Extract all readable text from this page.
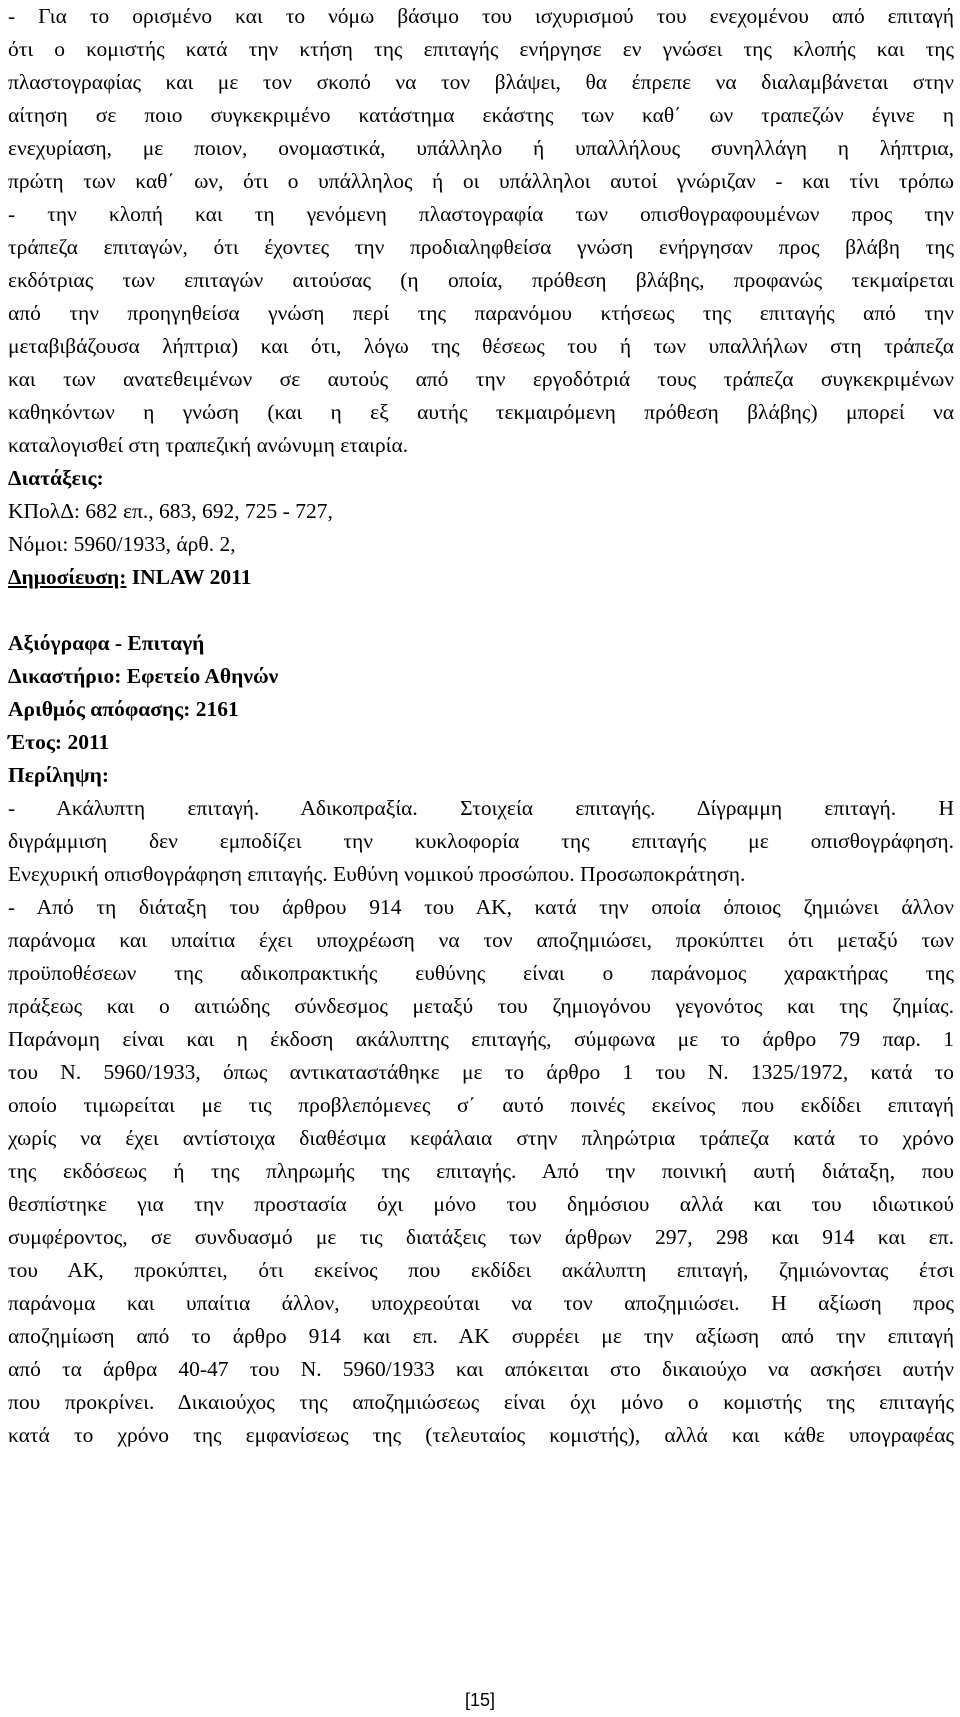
- Για το ορισμένο και το νόμω βάσιμο του ισχυρισμού του ενεχομένου από επιταγή
ότι ο κομιστής κατά την κτήση της επιταγής ενήργησε εν γνώσει της κλοπής και της
πλαστογραφίας και με τον σκοπό να τον βλάψει, θα έπρεπε να διαλαμβάνεται στην
αίτηση σε ποιο συγκεκριμένο κατάστημα εκάστης των καθ΄ ων τραπεζών έγινε η
ενεχυρίαση, με ποιον, ονομαστικά, υπάλληλο ή υπαλλήλους συνηλλάγη η λήπτρια,
πρώτη των καθ΄ ων, ότι ο υπάλληλος ή οι υπάλληλοι αυτοί γνώριζαν - και τίνι τρόπω
- την κλοπή και τη γενόμενη πλαστογραφία των οπισθογραφουμένων προς την
τράπεζα επιταγών, ότι έχοντες την προδιαληφθείσα γνώση ενήργησαν προς βλάβη της
εκδότριας των επιταγών αιτούσας (η οποία, πρόθεση βλάβης, προφανώς τεκμαίρεται
από την προηγηθείσα γνώση περί της παρανόμου κτήσεως της επιταγής από την
μεταβιβάζουσα λήπτρια) και ότι, λόγω της θέσεως του ή των υπαλλήλων στη τράπεζα
και των ανατεθειμένων σε αυτούς από την εργοδότριά τους τράπεζα συγκεκριμένων
καθηκόντων η γνώση (και η εξ αυτής τεκμαιρόμενη πρόθεση βλάβης) μπορεί να
καταλογισθεί στη τραπεζική ανώνυμη εταιρία.
Διατάξεις:
ΚΠολΔ: 682 επ., 683, 692, 725 - 727,
Νόμοι: 5960/1933, άρθ. 2,
Δημοσίευση: INLAW 2011
Αξιόγραφα - Επιταγή
Δικαστήριο: Εφετείο Αθηνών
Αριθμός απόφασης: 2161
Έτος: 2011
Περίληψη:
- Ακάλυπτη επιταγή. Αδικοπραξία. Στοιχεία επιταγής. Δίγραμμη επιταγή. Η
διγράμμιση δεν εμποδίζει την κυκλοφορία της επιταγής με οπισθογράφηση.
Ενεχυρική οπισθογράφηση επιταγής. Ευθύνη νομικού προσώπου. Προσωποκράτηση.
- Από τη διάταξη του άρθρου 914 του ΑΚ, κατά την οποία όποιος ζημιώνει άλλον
παράνομα και υπαίτια έχει υποχρέωση να τον αποζημιώσει, προκύπτει ότι μεταξύ των
προϋποθέσεων της αδικοπρακτικής ευθύνης είναι ο παράνομος χαρακτήρας της
πράξεως και ο αιτιώδης σύνδεσμος μεταξύ του ζημιογόνου γεγονότος και της ζημίας.
Παράνομη είναι και η έκδοση ακάλυπτης επιταγής, σύμφωνα με το άρθρο 79 παρ. 1
του Ν. 5960/1933, όπως αντικαταστάθηκε με το άρθρο 1 του Ν. 1325/1972, κατά το
οποίο τιμωρείται με τις προβλεπόμενες σ΄ αυτό ποινές εκείνος που εκδίδει επιταγή
χωρίς να έχει αντίστοιχα διαθέσιμα κεφάλαια στην πληρώτρια τράπεζα κατά το χρόνο
της εκδόσεως ή της πληρωμής της επιταγής. Από την ποινική αυτή διάταξη, που
θεσπίστηκε για την προστασία όχι μόνο του δημόσιου αλλά και του ιδιωτικού
συμφέροντος, σε συνδυασμό με τις διατάξεις των άρθρων 297, 298 και 914 και επ.
του ΑΚ, προκύπτει, ότι εκείνος που εκδίδει ακάλυπτη επιταγή, ζημιώνοντας έτσι
παράνομα και υπαίτια άλλον, υποχρεούται να τον αποζημιώσει. Η αξίωση προς
αποζημίωση από το άρθρο 914 και επ. ΑΚ συρρέει με την αξίωση από την επιταγή
από τα άρθρα 40-47 του Ν. 5960/1933 και απόκειται στο δικαιούχο να ασκήσει αυτήν
που προκρίνει. Δικαιούχος της αποζημιώσεως είναι όχι μόνο ο κομιστής της επιταγής
κατά το χρόνο της εμφανίσεως της (τελευταίος κομιστής), αλλά και κάθε υπογραφέας
[15]
